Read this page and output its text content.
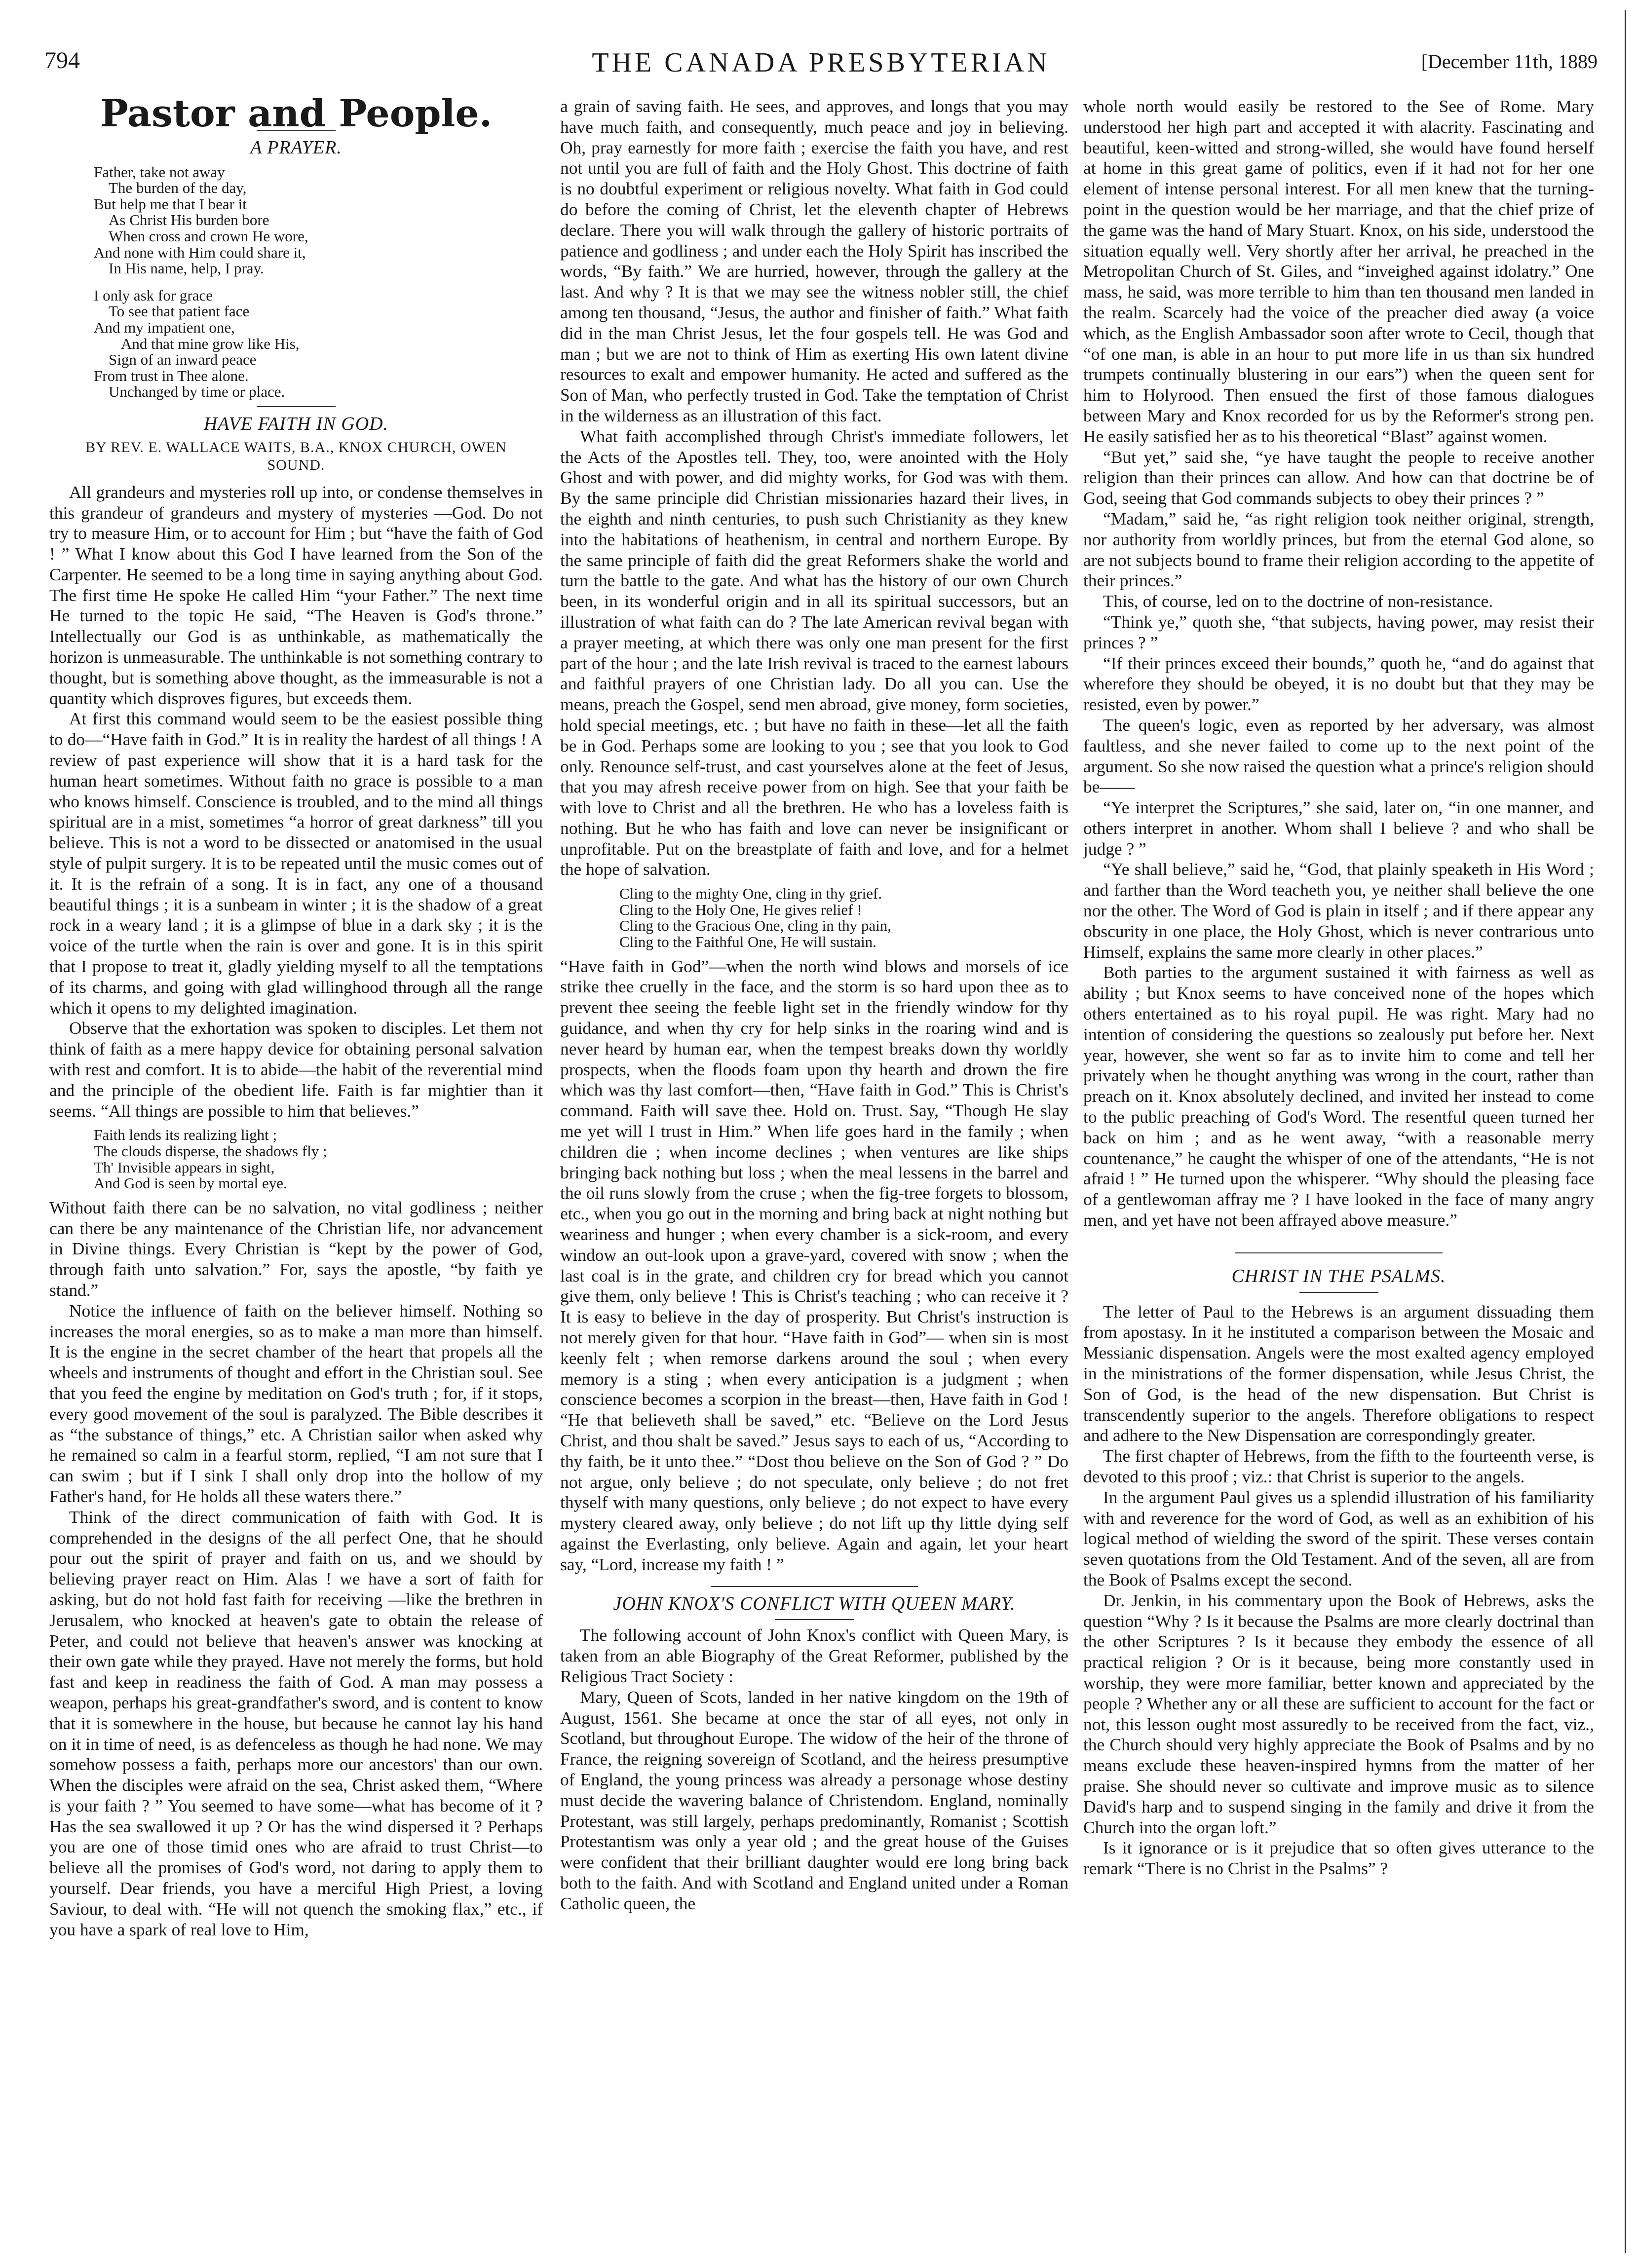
794	THE CANADA PRESBYTERIAN	[December 11th, 1889
Pastor and People.
A PRAYER.
Father, take not away
The burden of the day,
But help me that I bear it
As Christ His burden bore
When cross and crown He wore,
And none with Him could share it,
In His name, help, I pray.
I only ask for grace
To see that patient face
And my impatient one,
And that mine grow like His,
Sign of an inward peace
From trust in Thee alone.
Unchanged by time or place.
HAVE FAITH IN GOD.
BY REV. E. WALLACE WAITS, B.A., KNOX CHURCH, OWEN SOUND.

All grandeurs and mysteries roll up into, or condense themselves in this grandeur of grandeurs and mystery of mysteries —God. Do not try to measure Him, or to account for Him ; but “have the faith of God ! ” What I know about this God I have learned from the Son of the Carpenter. He seemed to be a long time in saying anything about God. The first time He spoke He called Him “your Father.” The next time He turned to the topic He said, “The Heaven is God's throne.” Intellectually our God is as unthinkable, as mathematically the horizon is unmeasurable. The unthinkable is not something contrary to thought, but is something above thought, as the immeasurable is not a quantity which disproves figures, but exceeds them.

At first this command would seem to be the easiest possible thing to do—“Have faith in God.” It is in reality the hardest of all things ! A review of past experience will show that it is a hard task for the human heart sometimes. Without faith no grace is possible to a man who knows himself. Conscience is troubled, and to the mind all things spiritual are in a mist, sometimes “a horror of great darkness” till you believe. This is not a word to be dissected or anatomised in the usual style of pulpit surgery. It is to be repeated until the music comes out of it. It is the refrain of a song. It is in fact, any one of a thousand beautiful things ; it is a sunbeam in winter ; it is the shadow of a great rock in a weary land ; it is a glimpse of blue in a dark sky ; it is the voice of the turtle when the rain is over and gone. It is in this spirit that I propose to treat it, gladly yielding myself to all the temptations of its charms, and going with glad willinghood through all the range which it opens to my delighted imagination.

Observe that the exhortation was spoken to disciples. Let them not think of faith as a mere happy device for obtaining personal salvation with rest and comfort. It is to abide—the habit of the reverential mind and the principle of the obedient life. Faith is far mightier than it seems. “All things are possible to him that believes.”

Faith lends its realizing light ;
The clouds disperse, the shadows fly ;
Th' Invisible appears in sight,
And God is seen by mortal eye.

Without faith there can be no salvation, no vital godliness ; neither can there be any maintenance of the Christian life, nor advancement in Divine things. Every Christian is “kept by the power of God, through faith unto salvation.” For, says the apostle, “by faith ye stand.”

Notice the influence of faith on the believer himself. Nothing so increases the moral energies, so as to make a man more than himself. It is the engine in the secret chamber of the heart that propels all the wheels and instruments of thought and effort in the Christian soul. See that you feed the engine by meditation on God's truth ; for, if it stops, every good movement of the soul is paralyzed. The Bible describes it as “the substance of things,” etc. A Christian sailor when asked why he remained so calm in a fearful storm, replied, “I am not sure that I can swim ; but if I sink I shall only drop into the hollow of my Father's hand, for He holds all these waters there.”

Think of the direct communication of faith with God. It is comprehended in the designs of the all perfect One, that he should pour out the spirit of prayer and faith on us, and we should by believing prayer react on Him. Alas ! we have a sort of faith for asking, but do not hold fast faith for receiving —like the brethren in Jerusalem, who knocked at heaven's gate to obtain the release of Peter, and could not believe that heaven's answer was knocking at their own gate while they prayed. Have not merely the forms, but hold fast and keep in readiness the faith of God. A man may possess a weapon, perhaps his great-grandfather's sword, and is content to know that it is somewhere in the house, but because he cannot lay his hand on it in time of need, is as defenceless as though he had none. We may somehow possess a faith, perhaps more our ancestors' than our own. When the disciples were afraid on the sea, Christ asked them, “Where is your faith ? ” You seemed to have some—what has become of it ? Has the sea swallowed it up ? Or has the wind dispersed it ? Perhaps you are one of those timid ones who are afraid to trust Christ—to believe all the promises of God's word, not daring to apply them to yourself. Dear friends, you have a merciful High Priest, a loving Saviour, to deal with. “He will not quench the smoking flax,” etc., if you have a spark of real love to Him,

a grain of saving faith. He sees, and approves, and longs that you may have much faith, and consequently, much peace and joy in believing. Oh, pray earnestly for more faith ; exercise the faith you have, and rest not until you are full of faith and the Holy Ghost. This doctrine of faith is no doubtful experiment or religious novelty. What faith in God could do before the coming of Christ, let the eleventh chapter of Hebrews declare. There you will walk through the gallery of historic portraits of patience and godliness ; and under each the Holy Spirit has inscribed the words, “By faith.” We are hurried, however, through the gallery at the last. And why ? It is that we may see the witness nobler still, the chief among ten thousand, “Jesus, the author and finisher of faith.” What faith did in the man Christ Jesus, let the four gospels tell. He was God and man ; but we are not to think of Him as exerting His own latent divine resources to exalt and empower humanity. He acted and suffered as the Son of Man, who perfectly trusted in God. Take the temptation of Christ in the wilderness as an illustration of this fact.

What faith accomplished through Christ's immediate followers, let the Acts of the Apostles tell. They, too, were anointed with the Holy Ghost and with power, and did mighty works, for God was with them. By the same principle did Christian missionaries hazard their lives, in the eighth and ninth centuries, to push such Christianity as they knew into the habitations of heathenism, in central and northern Europe. By the same principle of faith did the great Reformers shake the world and turn the battle to the gate. And what has the history of our own Church been, in its wonderful origin and in all its spiritual successors, but an illustration of what faith can do ? The late American revival began with a prayer meeting, at which there was only one man present for the first part of the hour ; and the late Irish revival is traced to the earnest labours and faithful prayers of one Christian lady. Do all you can. Use the means, preach the Gospel, send men abroad, give money, form societies, hold special meetings, etc. ; but have no faith in these—let all the faith be in God. Perhaps some are looking to you ; see that you look to God only. Renounce self-trust, and cast yourselves alone at the feet of Jesus, that you may afresh receive power from on high. See that your faith be with love to Christ and all the brethren. He who has a loveless faith is nothing. But he who has faith and love can never be insignificant or unprofitable. Put on the breastplate of faith and love, and for a helmet the hope of salvation.

Cling to the mighty One, cling in thy grief.
Cling to the Holy One, He gives relief !
Cling to the Gracious One, cling in thy pain,
Cling to the Faithful One, He will sustain.

“Have faith in God”—when the north wind blows and morsels of ice strike thee cruelly in the face, and the storm is so hard upon thee as to prevent thee seeing the feeble light set in the friendly window for thy guidance, and when thy cry for help sinks in the roaring wind and is never heard by human ear, when the tempest breaks down thy worldly prospects, when the floods foam upon thy hearth and drown the fire which was thy last comfort—then, “Have faith in God.” This is Christ's command. Faith will save thee. Hold on. Trust. Say, “Though He slay me yet will I trust in Him.” When life goes hard in the family ; when children die ; when income declines ; when ventures are like ships bringing back nothing but loss ; when the meal lessens in the barrel and the oil runs slowly from the cruse ; when the fig-tree forgets to blossom, etc., when you go out in the morning and bring back at night nothing but weariness and hunger ; when every chamber is a sick-room, and every window an out-look upon a grave-yard, covered with snow ; when the last coal is in the grate, and children cry for bread which you cannot give them, only believe ! This is Christ's teaching ; who can receive it ? It is easy to believe in the day of prosperity. But Christ's instruction is not merely given for that hour. “Have faith in God”— when sin is most keenly felt ; when remorse darkens around the soul ; when every memory is a sting ; when every anticipation is a judgment ; when conscience becomes a scorpion in the breast—then, Have faith in God ! “He that believeth shall be saved,” etc. “Believe on the Lord Jesus Christ, and thou shalt be saved.” Jesus says to each of us, “According to thy faith, be it unto thee.” “Dost thou believe on the Son of God ? ” Do not argue, only believe ; do not speculate, only believe ; do not fret thyself with many questions, only believe ; do not expect to have every mystery cleared away, only believe ; do not lift up thy little dying self against the Everlasting, only believe. Again and again, let your heart say, “Lord, increase my faith ! ”

JOHN KNOX'S CONFLICT WITH QUEEN MARY.

The following account of John Knox's conflict with Queen Mary, is taken from an able Biography of the Great Reformer, published by the Religious Tract Society :

Mary, Queen of Scots, landed in her native kingdom on the 19th of August, 1561. She became at once the star of all eyes, not only in Scotland, but throughout Europe. The widow of the heir of the throne of France, the reigning sovereign of Scotland, and the heiress presumptive of England, the young princess was already a personage whose destiny must decide the wavering balance of Christendom. England, nominally Protestant, was still largely, perhaps predominantly, Romanist ; Scottish Protestantism was only a year old ; and the great house of the Guises were confident that their brilliant daughter would ere long bring back both to the faith. And with Scotland and England united under a Roman Catholic queen, the

whole north would easily be restored to the See of Rome. Mary understood her high part and accepted it with alacrity. Fascinating and beautiful, keen-witted and strong-willed, she would have found herself at home in this great game of politics, even if it had not for her one element of intense personal interest. For all men knew that the turning-point in the question would be her marriage, and that the chief prize of the game was the hand of Mary Stuart. Knox, on his side, understood the situation equally well. Very shortly after her arrival, he preached in the Metropolitan Church of St. Giles, and “inveighed against idolatry.” One mass, he said, was more terrible to him than ten thousand men landed in the realm. Scarcely had the voice of the preacher died away (a voice which, as the English Ambassador soon after wrote to Cecil, though that “of one man, is able in an hour to put more life in us than six hundred trumpets continually blustering in our ears”) when the queen sent for him to Holyrood. Then ensued the first of those famous dialogues between Mary and Knox recorded for us by the Reformer's strong pen. He easily satisfied her as to his theoretical “Blast” against women.

“But yet,” said she, “ye have taught the people to receive another religion than their princes can allow. And how can that doctrine be of God, seeing that God commands subjects to obey their princes ? ”

“Madam,” said he, “as right religion took neither original, strength, nor authority from worldly princes, but from the eternal God alone, so are not subjects bound to frame their religion according to the appetite of their princes.”

This, of course, led on to the doctrine of non-resistance.

“Think ye,” quoth she, “that subjects, having power, may resist their princes ? ”

“If their princes exceed their bounds,” quoth he, “and do against that wherefore they should be obeyed, it is no doubt but that they may be resisted, even by power.”

The queen's logic, even as reported by her adversary, was almost faultless, and she never failed to come up to the next point of the argument. So she now raised the question what a prince's religion should be——

“Ye interpret the Scriptures,” she said, later on, “in one manner, and others interpret in another. Whom shall I believe ? and who shall be judge ? ”

“Ye shall believe,” said he, “God, that plainly speaketh in His Word ; and farther than the Word teacheth you, ye neither shall believe the one nor the other. The Word of God is plain in itself ; and if there appear any obscurity in one place, the Holy Ghost, which is never contrarious unto Himself, explains the same more clearly in other places.”

Both parties to the argument sustained it with fairness as well as ability ; but Knox seems to have conceived none of the hopes which others entertained as to his royal pupil. He was right. Mary had no intention of considering the questions so zealously put before her. Next year, however, she went so far as to invite him to come and tell her privately when he thought anything was wrong in the court, rather than preach on it. Knox absolutely declined, and invited her instead to come to the public preaching of God's Word. The resentful queen turned her back on him ; and as he went away, “with a reasonable merry countenance,” he caught the whisper of one of the attendants, “He is not afraid ! ” He turned upon the whisperer. “Why should the pleasing face of a gentlewoman affray me ? I have looked in the face of many angry men, and yet have not been affrayed above measure.”

CHRIST IN THE PSALMS.

The letter of Paul to the Hebrews is an argument dissuading them from apostasy. In it he instituted a comparison between the Mosaic and Messianic dispensation. Angels were the most exalted agency employed in the ministrations of the former dispensation, while Jesus Christ, the Son of God, is the head of the new dispensation. But Christ is transcendently superior to the angels. Therefore obligations to respect and adhere to the New Dispensation are correspondingly greater.

The first chapter of Hebrews, from the fifth to the fourteenth verse, is devoted to this proof ; viz.: that Christ is superior to the angels.

In the argument Paul gives us a splendid illustration of his familiarity with and reverence for the word of God, as well as an exhibition of his logical method of wielding the sword of the spirit. These verses contain seven quotations from the Old Testament. And of the seven, all are from the Book of Psalms except the second.

Dr. Jenkin, in his commentary upon the Book of Hebrews, asks the question “Why ? Is it because the Psalms are more clearly doctrinal than the other Scriptures ? Is it because they embody the essence of all practical religion ? Or is it because, being more constantly used in worship, they were more familiar, better known and appreciated by the people ? Whether any or all these are sufficient to account for the fact or not, this lesson ought most assuredly to be received from the fact, viz., the Church should very highly appreciate the Book of Psalms and by no means exclude these heaven-inspired hymns from the matter of her praise. She should never so cultivate and improve music as to silence David's harp and to suspend singing in the family and drive it from the Church into the organ loft.”

Is it ignorance or is it prejudice that so often gives utterance to the remark “There is no Christ in the Psalms” ?
